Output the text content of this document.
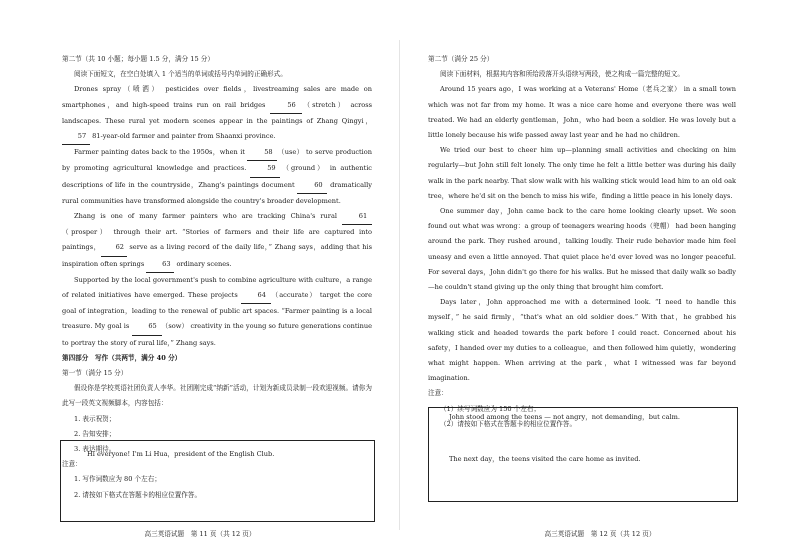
第二节（共 10 小题；每小题 1.5 分，满分 15 分）

阅读下面短文，在空白处填入 1 个适当的单词或括号内单词的正确形式。

Drones spray（喷洒） pesticides over fields，livestreaming sales are made on smartphones，and high-speed trains run on rail bridges	56 （stretch） across landscapes. These rural yet modern scenes appear in the paintings of Zhang Qingyi，57 81-year-old farmer and painter from Shaanxi province.

Farmer painting dates back to the 1950s，when it	58 （use） to serve production by promoting agricultural knowledge and practices.	59 （ground） in authentic descriptions of life in the countryside，Zhang's paintings document	60 dramatically rural communities have transformed alongside the country's broader development.

Zhang is one of many farmer painters who are tracking China's rural	61（prosper） through their art. “Stories of farmers and their life are captured into paintings， 62 serve as a living record of the daily life，” Zhang says，adding that his inspiration often springs 63 ordinary scenes.

Supported by the local government's push to combine agriculture with culture，a range of related initiatives have emerged. These projects	64 （accurate） target the core goal of integration，leading to the renewal of public art spaces. “Farmer painting is a local treasure. My goal is	65 （sow） creativity in the young so future generations continue to portray the story of rural life，” Zhang says.

第四部分　写作（共两节，满分 40 分）

第一节（满分 15 分）

假设你是学校英语社团负责人李华。社团刚完成“纳新”活动，计划为新成员录制一段欢迎视频。请你为此写一段英文视频脚本，内容包括：

1. 表示祝贺；

2. 告知安排；

3. 表达期待。

注意：

1. 写作词数应为 80 个左右；

2. 请按如下格式在答题卡的相应位置作答。

Hi everyone! I'm Li Hua，president of the English Club.

高三英语试题　第 11 页（共 12 页）

第二节（满分 25 分）

阅读下面材料，根据其内容和所给段落开头语续写两段，使之构成一篇完整的短文。

Around 15 years ago，I was working at a Veterans' Home（老兵之家） in a small town which was not far from my home. It was a nice care home and everyone there was well treated. We had an elderly gentleman，John，who had been a soldier. He was lovely but a little lonely because his wife passed away last year and he had no children.

We tried our best to cheer him up—planning small activities and checking on him regularly—but John still felt lonely. The only time he felt a little better was during his daily walk in the park nearby. That slow walk with his walking stick would lead him to an old oak tree，where he'd sit on the bench to miss his wife，finding a little peace in his lonely days.

One summer day，John came back to the care home looking clearly upset. We soon found out what was wrong：a group of teenagers wearing hoods（兜帽） had been hanging around the park. They rushed around，talking loudly. Their rude behavior made him feel uneasy and even a little annoyed. That quiet place he'd ever loved was no longer peaceful. For several days，John didn't go there for his walks. But he missed that daily walk so badly—he couldn't stand giving up the only thing that brought him comfort.

Days later，John approached me with a determined look. “I need to handle this myself，” he said firmly，“that's what an old soldier does.” With that，he grabbed his walking stick and headed towards the park before I could react. Concerned about his safety，I handed over my duties to a colleague，and then followed him quietly，wondering what might happen. When arriving at the park，what I witnessed was far beyond imagination.

注意：

（1）续写词数应为 150 个左右；

（2）请按如下格式在答题卡的相应位置作答。

John stood among the teens — not angry，not demanding，but calm.

The next day，the teens visited the care home as invited.

高三英语试题　第 12 页（共 12 页）
